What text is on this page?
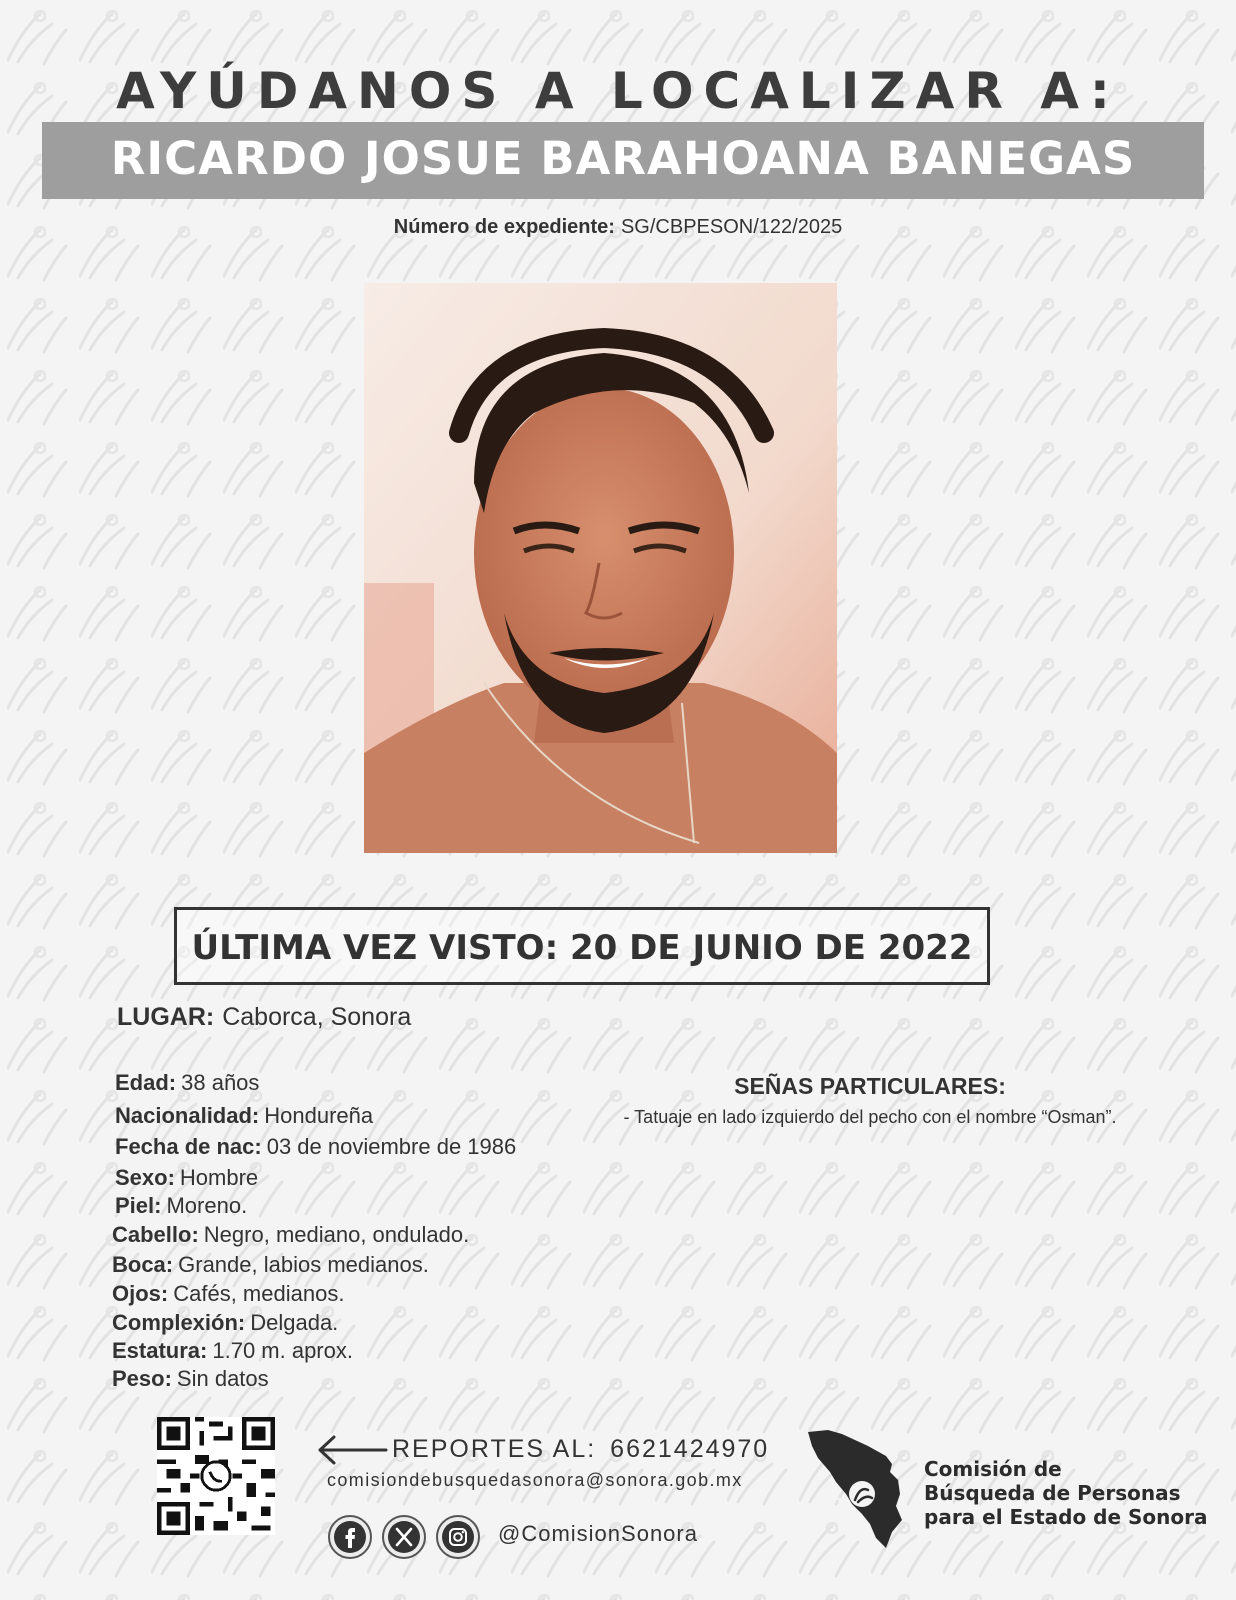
AYÚDANOS A LOCALIZAR A:
RICARDO JOSUE BARAHOANA BANEGAS
Número de expediente: SG/CBPESON/122/2025
ÚLTIMA VEZ VISTO: 20 DE JUNIO DE 2022
LUGAR: Caborca, Sonora
Edad: 38 años
Nacionalidad: Hondureña
Fecha de nac: 03 de noviembre de 1986
Sexo: Hombre
Piel: Moreno.
Cabello: Negro, mediano, ondulado.
Boca: Grande, labios medianos.
Ojos: Cafés, medianos.
Complexión: Delgada.
Estatura: 1.70 m. aprox.
Peso: Sin datos
SEÑAS PARTICULARES:
- Tatuaje en lado izquierdo del pecho con el nombre “Osman”.
REPORTES AL: 6621424970
comisiondebusquedasonora@sonora.gob.mx
@ComisionSonora
Comisión de
Búsqueda de Personas
para el Estado de Sonora
